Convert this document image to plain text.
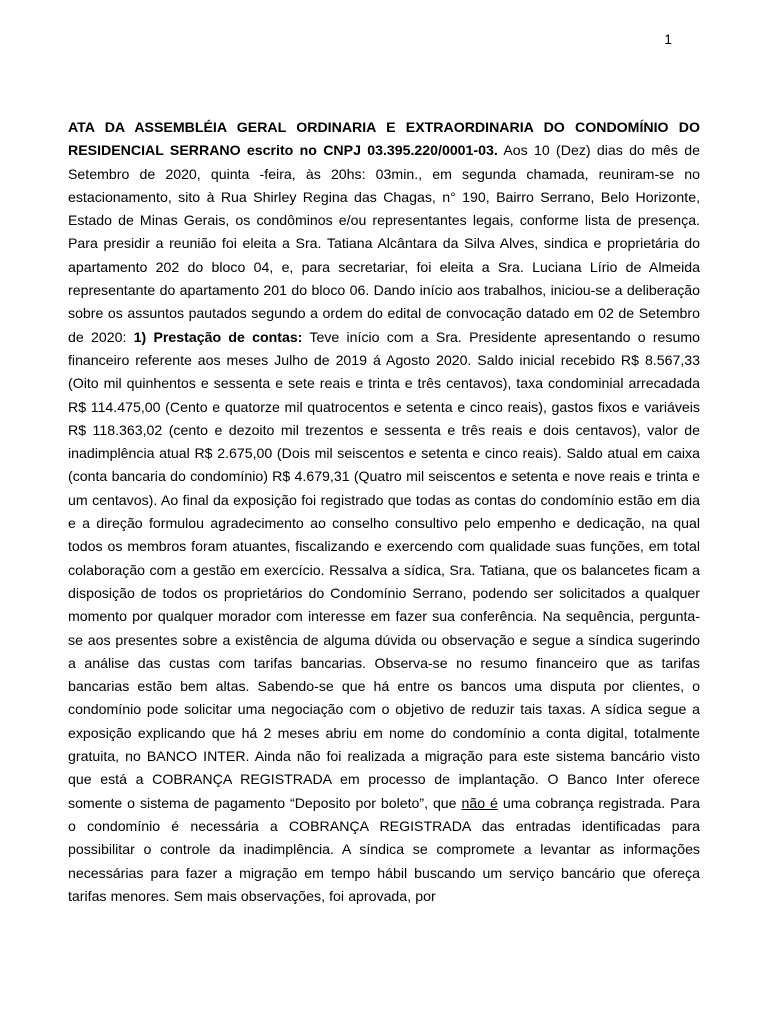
1

ATA DA ASSEMBLÉIA GERAL ORDINARIA E EXTRAORDINARIA DO CONDOMÍNIO DO RESIDENCIAL SERRANO escrito no CNPJ 03.395.220/0001-03. Aos 10 (Dez) dias do mês de Setembro de 2020, quinta -feira, às 20hs: 03min., em segunda chamada, reuniram-se no estacionamento, sito à Rua Shirley Regina das Chagas, n° 190, Bairro Serrano, Belo Horizonte, Estado de Minas Gerais, os condôminos e/ou representantes legais, conforme lista de presença. Para presidir a reunião foi eleita a Sra. Tatiana Alcântara da Silva Alves, sindica e proprietária do apartamento 202 do bloco 04, e, para secretariar, foi eleita a Sra. Luciana Lírio de Almeida representante do apartamento 201 do bloco 06. Dando início aos trabalhos, iniciou-se a deliberação sobre os assuntos pautados segundo a ordem do edital de convocação datado em 02 de Setembro de 2020: 1) Prestação de contas: Teve início com a Sra. Presidente apresentando o resumo financeiro referente aos meses Julho de 2019 á Agosto 2020. Saldo inicial recebido R$ 8.567,33 (Oito mil quinhentos e sessenta e sete reais e trinta e três centavos), taxa condominial arrecadada R$ 114.475,00 (Cento e quatorze mil quatrocentos e setenta e cinco reais), gastos fixos e variáveis R$ 118.363,02 (cento e dezoito mil trezentos e sessenta e três reais e dois centavos), valor de inadimplência atual R$ 2.675,00 (Dois mil seiscentos e setenta e cinco reais). Saldo atual em caixa (conta bancaria do condomínio) R$ 4.679,31 (Quatro mil seiscentos e setenta e nove reais e trinta e um centavos). Ao final da exposição foi registrado que todas as contas do condomínio estão em dia e a direção formulou agradecimento ao conselho consultivo pelo empenho e dedicação, na qual todos os membros foram atuantes, fiscalizando e exercendo com qualidade suas funções, em total colaboração com a gestão em exercício. Ressalva a sídica, Sra. Tatiana, que os balancetes ficam a disposição de todos os proprietários do Condomínio Serrano, podendo ser solicitados a qualquer momento por qualquer morador com interesse em fazer sua conferência. Na sequência, pergunta-se aos presentes sobre a existência de alguma dúvida ou observação e segue a síndica sugerindo a análise das custas com tarifas bancarias. Observa-se no resumo financeiro que as tarifas bancarias estão bem altas. Sabendo-se que há entre os bancos uma disputa por clientes, o condomínio pode solicitar uma negociação com o objetivo de reduzir tais taxas. A sídica segue a exposição explicando que há 2 meses abriu em nome do condomínio a conta digital, totalmente gratuita, no BANCO INTER. Ainda não foi realizada a migração para este sistema bancário visto que está a COBRANÇA REGISTRADA em processo de implantação. O Banco Inter oferece somente o sistema de pagamento “Deposito por boleto”, que não é uma cobrança registrada. Para o condomínio é necessária a COBRANÇA REGISTRADA das entradas identificadas para possibilitar o controle da inadimplência. A síndica se compromete a levantar as informações necessárias para fazer a migração em tempo hábil buscando um serviço bancário que ofereça tarifas menores. Sem mais observações, foi aprovada, por
